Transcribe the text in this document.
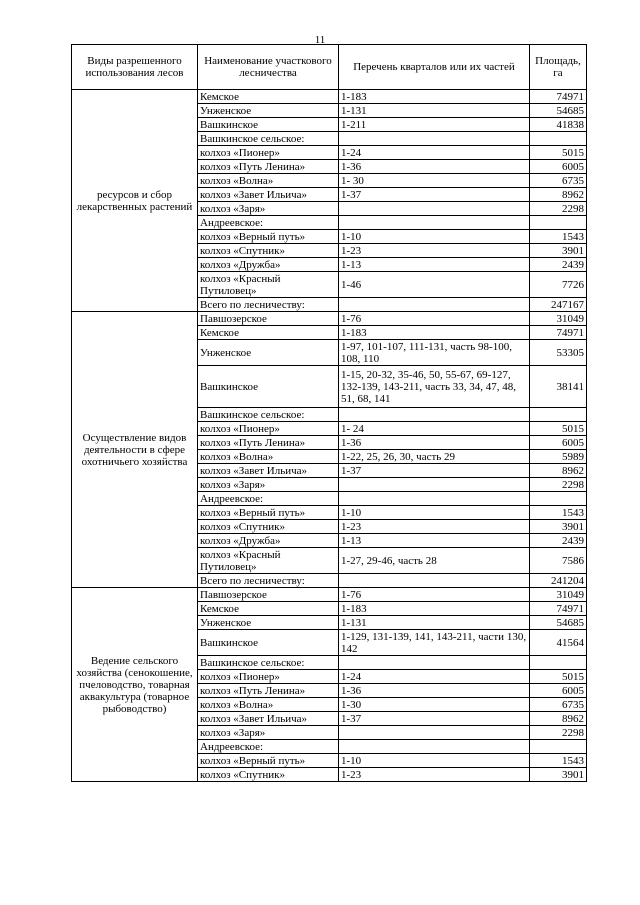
11
Виды разрешенного использования лесов	Наименование участкового лесничества	Перечень кварталов или их частей	Площадь, га
ресурсов и сбор лекарственных растений	Кемское	1-183	74971
	Унженское	1-131	54685
	Вашкинское	1-211	41838
	Вашкинское сельское:		
	колхоз «Пионер»	1-24	5015
	колхоз «Путь Ленина»	1-36	6005
	колхоз «Волна»	1- 30	6735
	колхоз «Завет Ильича»	1-37	8962
	колхоз «Заря»		2298
	Андреевское:		
	колхоз «Верный путь»	1-10	1543
	колхоз «Спутник»	1-23	3901
	колхоз «Дружба»	1-13	2439
	колхоз «Красный Путиловец»	1-46	7726
	Всего по лесничеству:		247167
Осуществление видов деятельности в сфере охотничьего хозяйства	Павшозерское	1-76	31049
	Кемское	1-183	74971
	Унженское	1-97, 101-107, 111-131, часть 98-100, 108, 110	53305
	Вашкинское	1-15, 20-32, 35-46, 50, 55-67, 69-127, 132-139, 143-211, часть 33, 34, 47, 48, 51, 68, 141	38141
	Вашкинское сельское:		
	колхоз «Пионер»	1- 24	5015
	колхоз «Путь Ленина»	1-36	6005
	колхоз «Волна»	1-22, 25, 26, 30, часть 29	5989
	колхоз «Завет Ильича»	1-37	8962
	колхоз «Заря»		2298
	Андреевское:		
	колхоз «Верный путь»	1-10	1543
	колхоз «Спутник»	1-23	3901
	колхоз «Дружба»	1-13	2439
	колхоз «Красный Путиловец»	1-27, 29-46, часть 28	7586
	Всего по лесничеству:		241204
Ведение сельского хозяйства (сенокошение, пчеловодство, товарная аквакультура (товарное рыбоводство)	Павшозерское	1-76	31049
	Кемское	1-183	74971
	Унженское	1-131	54685
	Вашкинское	1-129, 131-139, 141, 143-211, части 130, 142	41564
	Вашкинское сельское:		
	колхоз «Пионер»	1-24	5015
	колхоз «Путь Ленина»	1-36	6005
	колхоз «Волна»	1-30	6735
	колхоз «Завет Ильича»	1-37	8962
	колхоз «Заря»		2298
	Андреевское:		
	колхоз «Верный путь»	1-10	1543
	колхоз «Спутник»	1-23	3901
